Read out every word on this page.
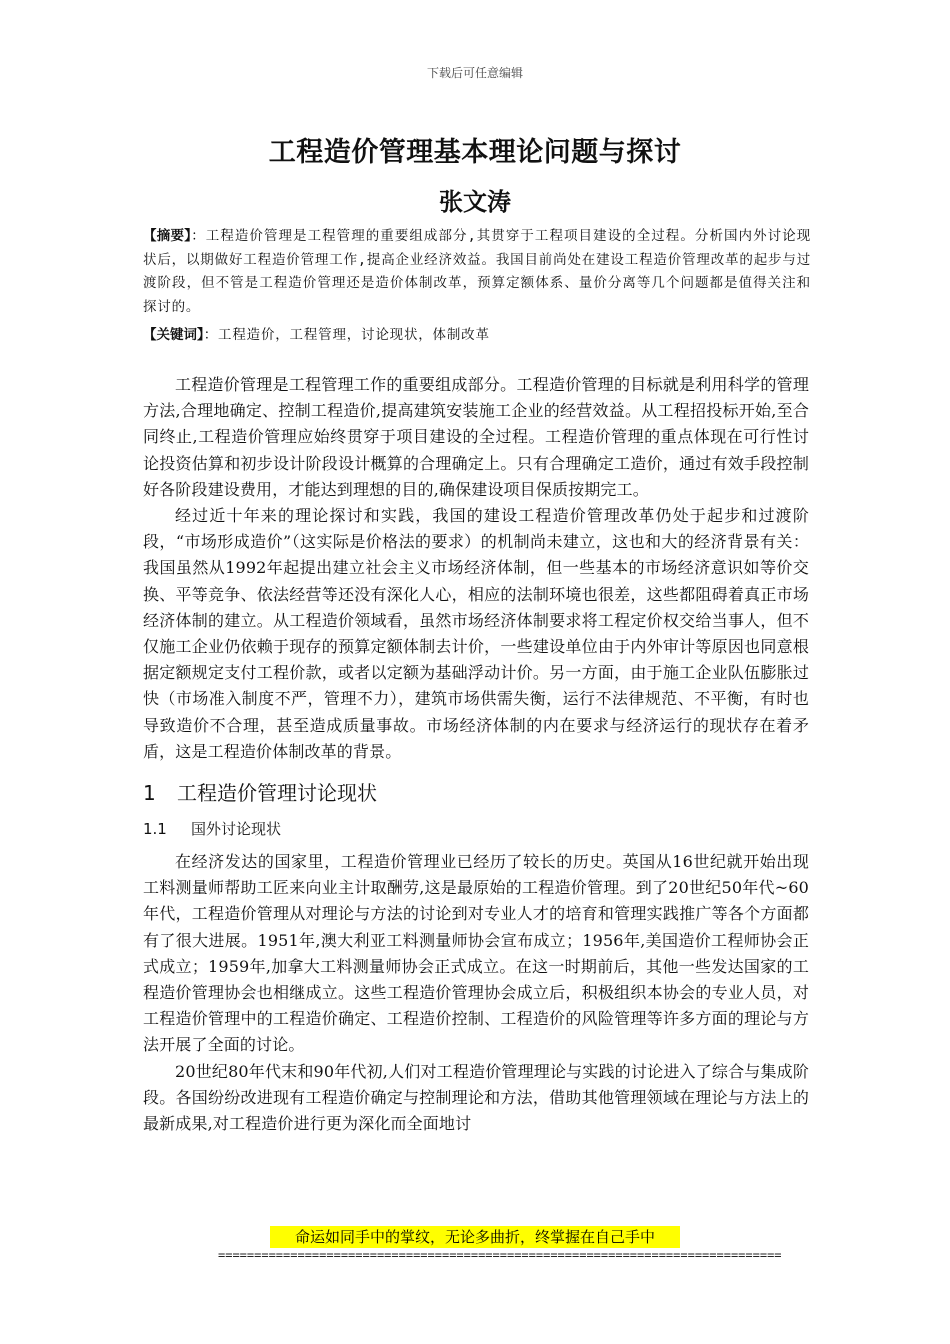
下载后可任意编辑
工程造价管理基本理论问题与探讨
张文涛
【摘要】：工程造价管理是工程管理的重要组成部分,其贯穿于工程项目建设的全过程。分析国内外讨论现状后，以期做好工程造价管理工作,提高企业经济效益。我国目前尚处在建设工程造价管理改革的起步与过渡阶段，但不管是工程造价管理还是造价体制改革，预算定额体系、量价分离等几个问题都是值得关注和探讨的。
【关键词】：工程造价，工程管理，讨论现状，体制改革

工程造价管理是工程管理工作的重要组成部分。工程造价管理的目标就是利用科学的管理方法,合理地确定、控制工程造价,提高建筑安装施工企业的经营效益。从工程招投标开始,至合同终止,工程造价管理应始终贯穿于项目建设的全过程。工程造价管理的重点体现在可行性讨论投资估算和初步设计阶段设计概算的合理确定上。只有合理确定工造价，通过有效手段控制好各阶段建设费用，才能达到理想的目的,确保建设项目保质按期完工。

经过近十年来的理论探讨和实践，我国的建设工程造价管理改革仍处于起步和过渡阶段，“市场形成造价”（这实际是价格法的要求）的机制尚未建立，这也和大的经济背景有关：我国虽然从1992年起提出建立社会主义市场经济体制，但一些基本的市场经济意识如等价交换、平等竞争、依法经营等还没有深化人心，相应的法制环境也很差，这些都阻碍着真正市场经济体制的建立。从工程造价领域看，虽然市场经济体制要求将工程定价权交给当事人，但不仅施工企业仍依赖于现存的预算定额体制去计价，一些建设单位由于内外审计等原因也同意根据定额规定支付工程价款，或者以定额为基础浮动计价。另一方面，由于施工企业队伍膨胀过快（市场准入制度不严，管理不力），建筑市场供需失衡，运行不法律规范、不平衡，有时也导致造价不合理，甚至造成质量事故。市场经济体制的内在要求与经济运行的现状存在着矛盾，这是工程造价体制改革的背景。

1 工程造价管理讨论现状
1.1 国外讨论现状

在经济发达的国家里，工程造价管理业已经历了较长的历史。英国从16世纪就开始出现工料测量师帮助工匠来向业主计取酬劳,这是最原始的工程造价管理。到了20世纪50年代~60年代，工程造价管理从对理论与方法的讨论到对专业人才的培育和管理实践推广等各个方面都有了很大进展。1951年,澳大利亚工料测量师协会宣布成立；1956年,美国造价工程师协会正式成立；1959年,加拿大工料测量师协会正式成立。在这一时期前后，其他一些发达国家的工程造价管理协会也相继成立。这些工程造价管理协会成立后，积极组织本协会的专业人员，对工程造价管理中的工程造价确定、工程造价控制、工程造价的风险管理等许多方面的理论与方法开展了全面的讨论。

20世纪80年代末和90年代初,人们对工程造价管理理论与实践的讨论进入了综合与集成阶段。各国纷纷改进现有工程造价确定与控制理论和方法，借助其他管理领域在理论与方法上的最新成果,对工程造价进行更为深化而全面地讨

命运如同手中的掌纹，无论多曲折，终掌握在自己手中
==============================================================================
